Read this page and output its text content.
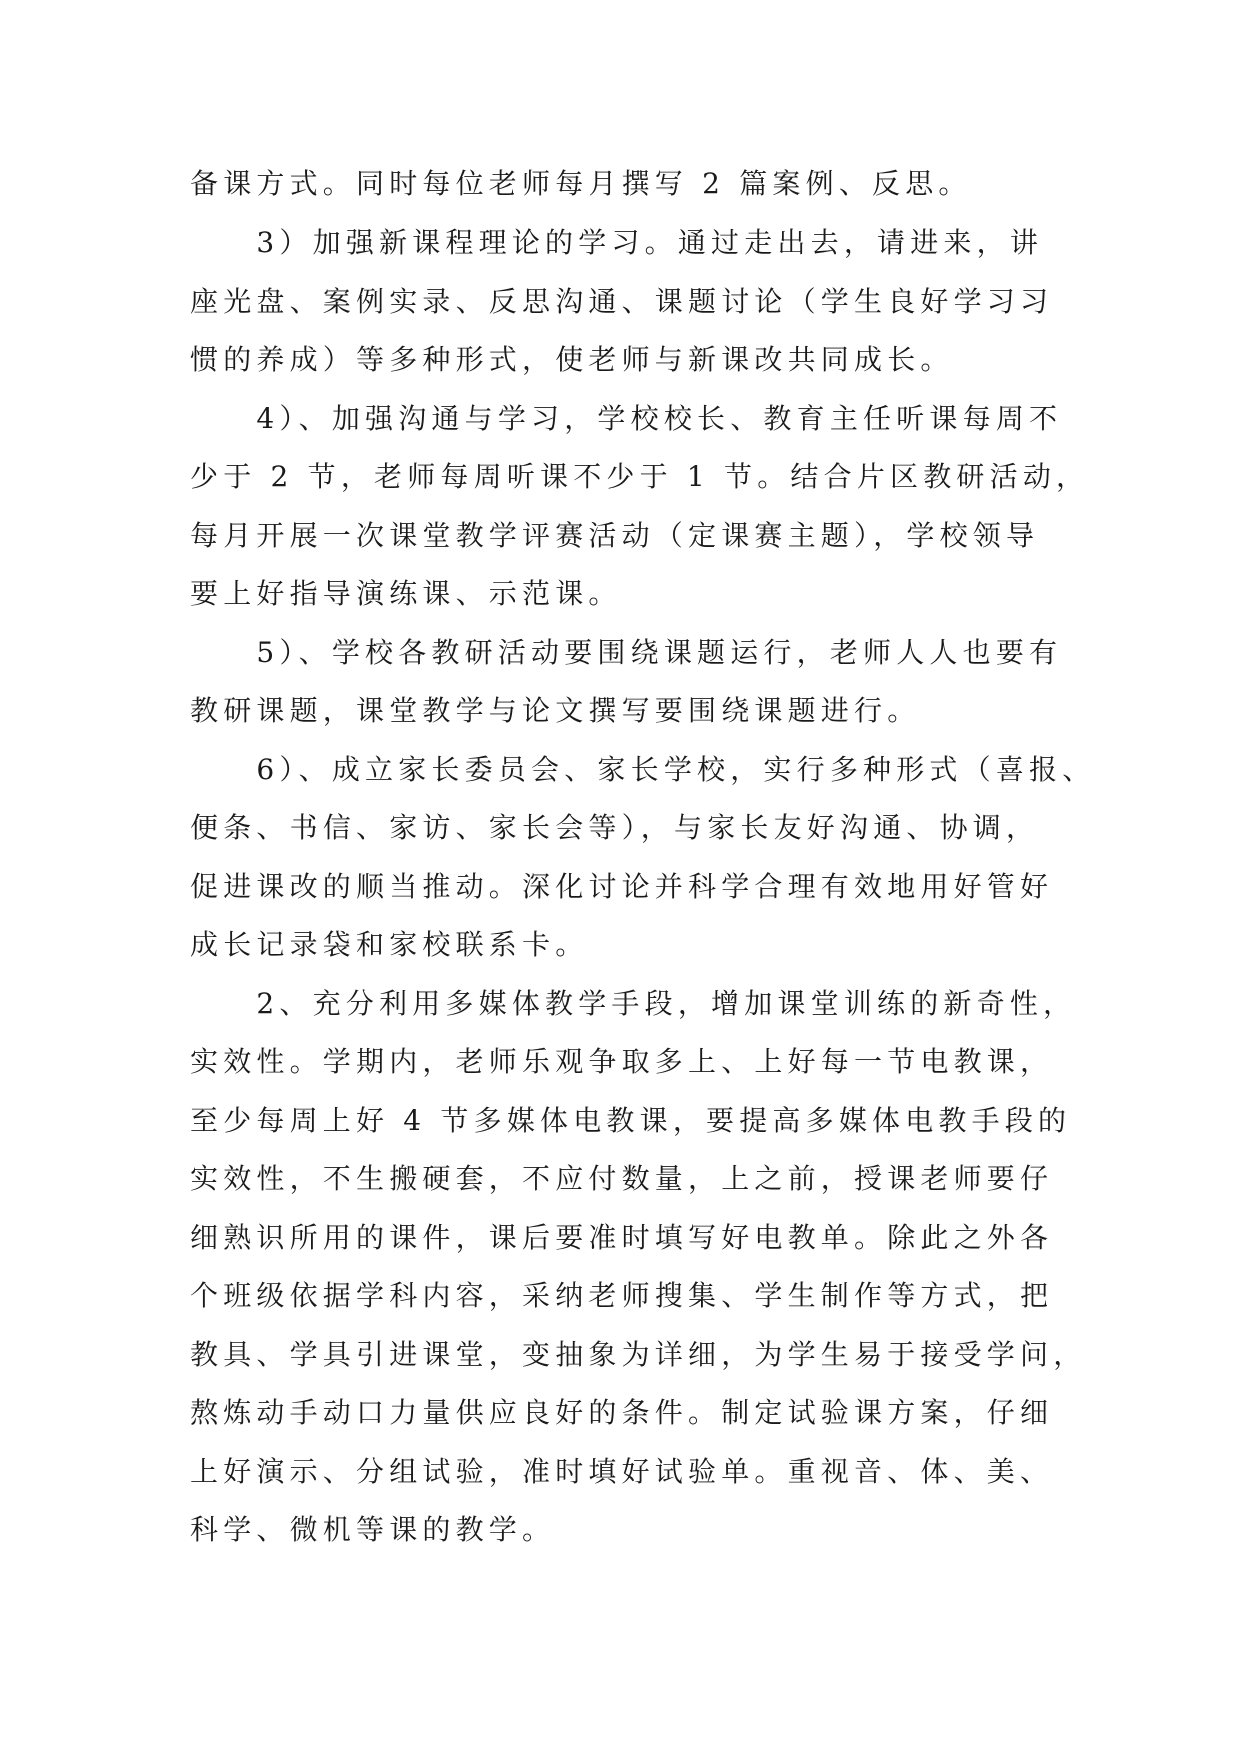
备课方式。同时每位老师每月撰写 2 篇案例、反思。
　　3）加强新课程理论的学习。通过走出去，请进来，讲
座光盘、案例实录、反思沟通、课题讨论（学生良好学习习
惯的养成）等多种形式，使老师与新课改共同成长。
　　4）、加强沟通与学习，学校校长、教育主任听课每周不
少于 2 节，老师每周听课不少于 1 节。结合片区教研活动，
每月开展一次课堂教学评赛活动（定课赛主题），学校领导
要上好指导演练课、示范课。
　　5）、学校各教研活动要围绕课题运行，老师人人也要有
教研课题，课堂教学与论文撰写要围绕课题进行。
　　6）、成立家长委员会、家长学校，实行多种形式（喜报、
便条、书信、家访、家长会等），与家长友好沟通、协调，
促进课改的顺当推动。深化讨论并科学合理有效地用好管好
成长记录袋和家校联系卡。
　　2、充分利用多媒体教学手段，增加课堂训练的新奇性，
实效性。学期内，老师乐观争取多上、上好每一节电教课，
至少每周上好 4 节多媒体电教课，要提高多媒体电教手段的
实效性，不生搬硬套，不应付数量，上之前，授课老师要仔
细熟识所用的课件，课后要准时填写好电教单。除此之外各
个班级依据学科内容，采纳老师搜集、学生制作等方式，把
教具、学具引进课堂，变抽象为详细，为学生易于接受学问，
熬炼动手动口力量供应良好的条件。制定试验课方案，仔细
上好演示、分组试验，准时填好试验单。重视音、体、美、
科学、微机等课的教学。
